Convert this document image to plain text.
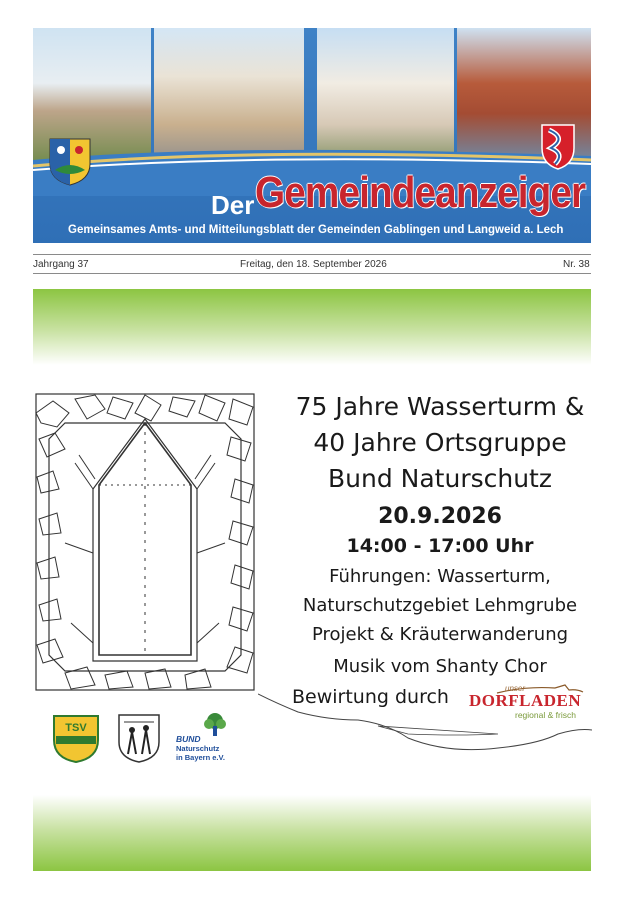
Der Gemeindeanzeiger
Gemeinsames Amts- und Mitteilungsblatt der Gemeinden Gablingen und Langweid a. Lech
Jahrgang 37	Freitag, den 18. September 2026	Nr. 38
75 Jahre Wasserturm &
40 Jahre Ortsgruppe
Bund Naturschutz
20.9.2026
14:00 - 17:00 Uhr
Führungen: Wasserturm,
Naturschutzgebiet Lehmgrube
Projekt & Kräuterwanderung
Musik vom Shanty Chor
Bewirtung durch	unser
DORFLADEN
regional & frisch
TSV
BUND
Naturschutz
in Bayern e.V.
